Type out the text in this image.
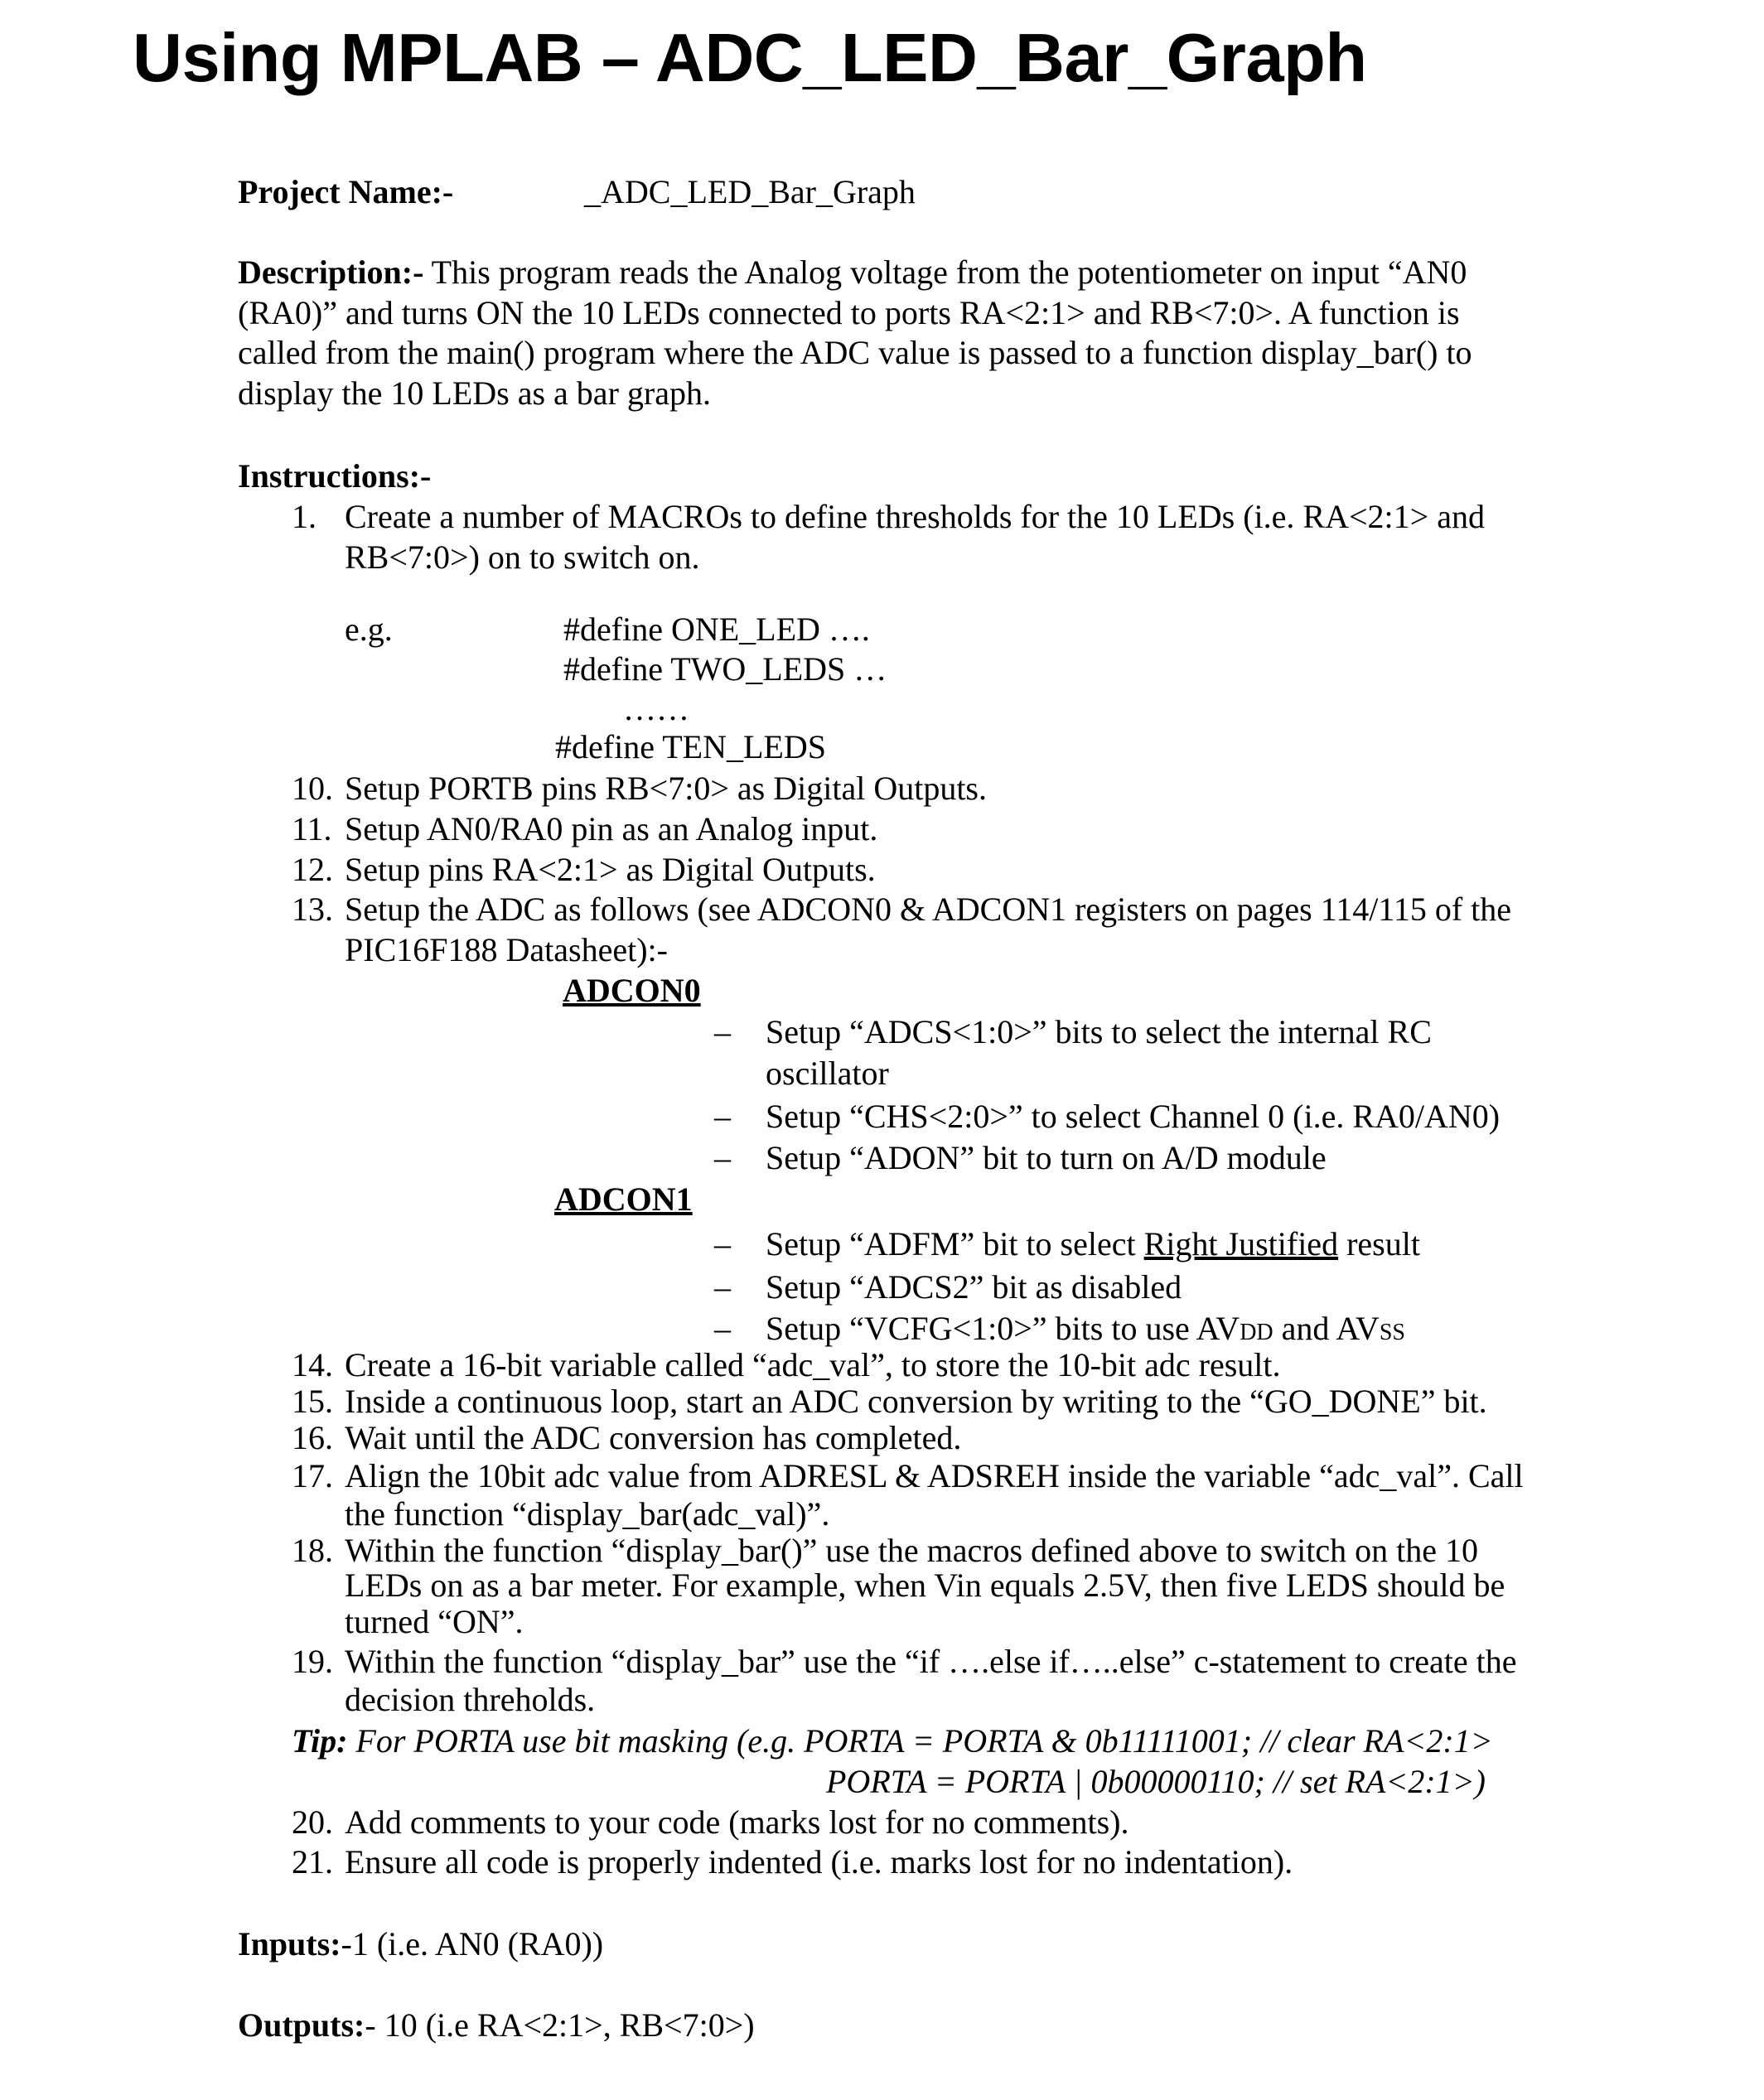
Using MPLAB – ADC_LED_Bar_Graph
Project Name:-	_ADC_LED_Bar_Graph
Description:- This program reads the Analog voltage from the potentiometer on input “AN0
(RA0)” and turns ON the 10 LEDs connected to ports RA<2:1> and RB<7:0>. A function is
called from the main() program where the ADC value is passed to a function display_bar() to
display the 10 LEDs as a bar graph.
Instructions:-
1. Create a number of MACROs to define thresholds for the 10 LEDs (i.e. RA<2:1> and
RB<7:0>) on to switch on.
e.g.	#define ONE_LED ….
#define TWO_LEDS …
……
#define TEN_LEDS
10. Setup PORTB pins RB<7:0> as Digital Outputs.
11. Setup AN0/RA0 pin as an Analog input.
12. Setup pins RA<2:1> as Digital Outputs.
13. Setup the ADC as follows (see ADCON0 & ADCON1 registers on pages 114/115 of the
PIC16F188 Datasheet):-
ADCON0
– Setup “ADCS<1:0>” bits to select the internal RC
oscillator
– Setup “CHS<2:0>” to select Channel 0 (i.e. RA0/AN0)
– Setup “ADON” bit to turn on A/D module
ADCON1
– Setup “ADFM” bit to select Right Justified result
– Setup “ADCS2” bit as disabled
– Setup “VCFG<1:0>” bits to use AVDD and AVSS
14. Create a 16-bit variable called “adc_val”, to store the 10-bit adc result.
15. Inside a continuous loop, start an ADC conversion by writing to the “GO_DONE” bit.
16. Wait until the ADC conversion has completed.
17. Align the 10bit adc value from ADRESL & ADSREH inside the variable “adc_val”. Call
the function “display_bar(adc_val)”.
18. Within the function “display_bar()” use the macros defined above to switch on the 10
LEDs on as a bar meter. For example, when Vin equals 2.5V, then five LEDS should be
turned “ON”.
19. Within the function “display_bar” use the “if ….else if…..else” c-statement to create the
decision threholds.
Tip: For PORTA use bit masking (e.g. PORTA = PORTA & 0b11111001; // clear RA<2:1>
PORTA = PORTA | 0b00000110; // set RA<2:1>)
20. Add comments to your code (marks lost for no comments).
21. Ensure all code is properly indented (i.e. marks lost for no indentation).
Inputs:-1 (i.e. AN0 (RA0))
Outputs:- 10 (i.e RA<2:1>, RB<7:0>)
